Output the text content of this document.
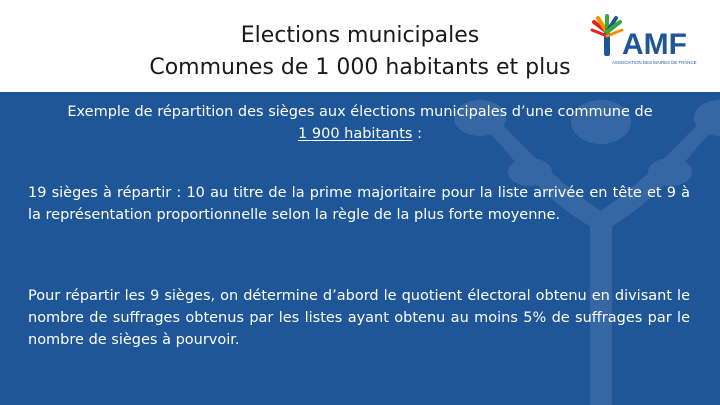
Elections municipales
Communes de 1 000 habitants et plus
AMF
ASSOCIATION DES MAIRES DE FRANCE
Exemple de répartition des sièges aux élections municipales d’une commune de
1 900 habitants :
19 sièges à répartir : 10 au titre de la prime majoritaire pour la liste arrivée en tête et 9 à la représentation proportionnelle selon la règle de la plus forte moyenne.
Pour répartir les 9 sièges, on détermine d’abord le quotient électoral obtenu en divisant le nombre de suffrages obtenus par les listes ayant obtenu au moins 5% de suffrages par le nombre de sièges à pourvoir.
